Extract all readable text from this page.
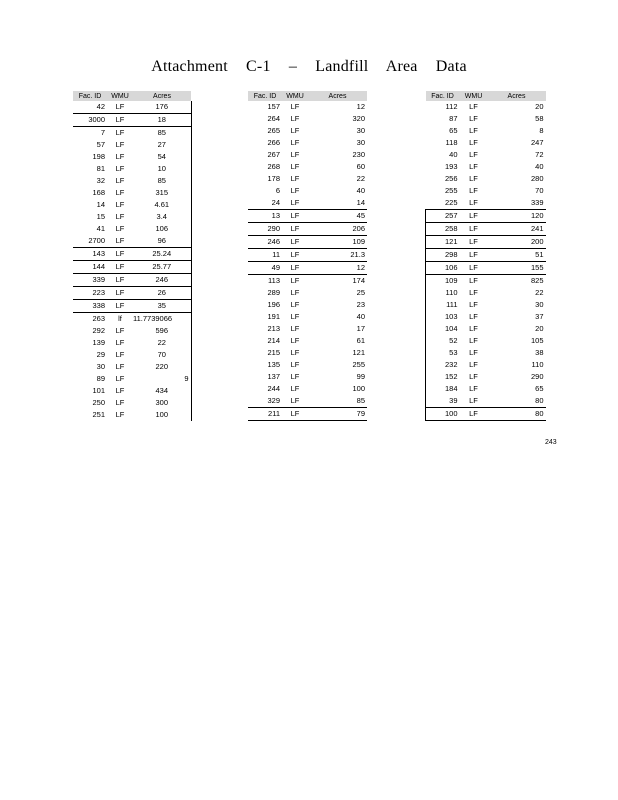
Attachment C-1 – Landfill Area Data
Fac. ID	WMU	Acres
42	LF	176
3000	LF	18
7	LF	85
57	LF	27
198	LF	54
81	LF	10
32	LF	85
168	LF	315
14	LF	4.61
15	LF	3.4
41	LF	106
2700	LF	96
143	LF	25.24
144	LF	25.77
339	LF	246
223	LF	26
338	LF	35
263	lf	11.7739066
292	LF	596
139	LF	22
29	LF	70
30	LF	220
89	LF	9
101	LF	434
250	LF	300
251	LF	100
Fac. ID	WMU	Acres
157	LF	12
264	LF	320
265	LF	30
266	LF	30
267	LF	230
268	LF	60
178	LF	22
6	LF	40
24	LF	14
13	LF	45
290	LF	206
246	LF	109
11	LF	21.3
49	LF	12
113	LF	174
289	LF	25
196	LF	23
191	LF	40
213	LF	17
214	LF	61
215	LF	121
135	LF	255
137	LF	99
244	LF	100
329	LF	85
211	LF	79
Fac. ID	WMU	Acres
112	LF	20
87	LF	58
65	LF	8
118	LF	247
40	LF	72
193	LF	40
256	LF	280
255	LF	70
225	LF	339
257	LF	120
258	LF	241
121	LF	200
298	LF	51
106	LF	155
109	LF	825
110	LF	22
111	LF	30
103	LF	37
104	LF	20
52	LF	105
53	LF	38
232	LF	110
152	LF	290
184	LF	65
39	LF	80
100	LF	80
243
